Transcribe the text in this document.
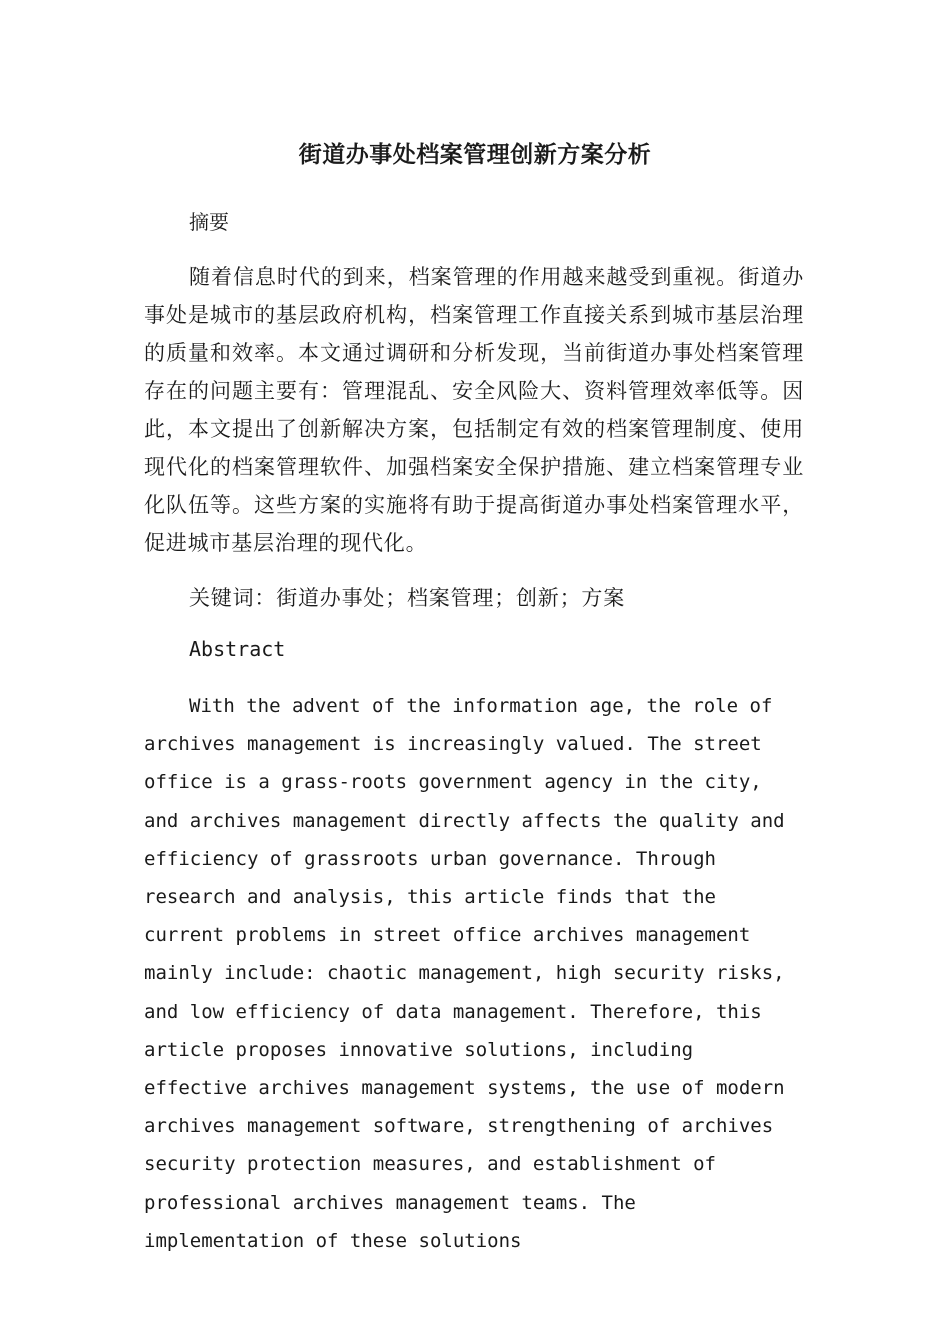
街道办事处档案管理创新方案分析

摘要

随着信息时代的到来，档案管理的作用越来越受到重视。街道办事处是城市的基层政府机构，档案管理工作直接关系到城市基层治理的质量和效率。本文通过调研和分析发现，当前街道办事处档案管理存在的问题主要有：管理混乱、安全风险大、资料管理效率低等。因此，本文提出了创新解决方案，包括制定有效的档案管理制度、使用现代化的档案管理软件、加强档案安全保护措施、建立档案管理专业化队伍等。这些方案的实施将有助于提高街道办事处档案管理水平，促进城市基层治理的现代化。

关键词：街道办事处；档案管理；创新；方案

Abstract

With the advent of the information age, the role of archives management is increasingly valued. The street office is a grass-roots government agency in the city, and archives management directly affects the quality and efficiency of grassroots urban governance. Through research and analysis, this article finds that the current problems in street office archives management mainly include: chaotic management, high security risks, and low efficiency of data management. Therefore, this article proposes innovative solutions, including effective archives management systems, the use of modern archives management software, strengthening of archives security protection measures, and establishment of professional archives management teams. The implementation of these solutions
